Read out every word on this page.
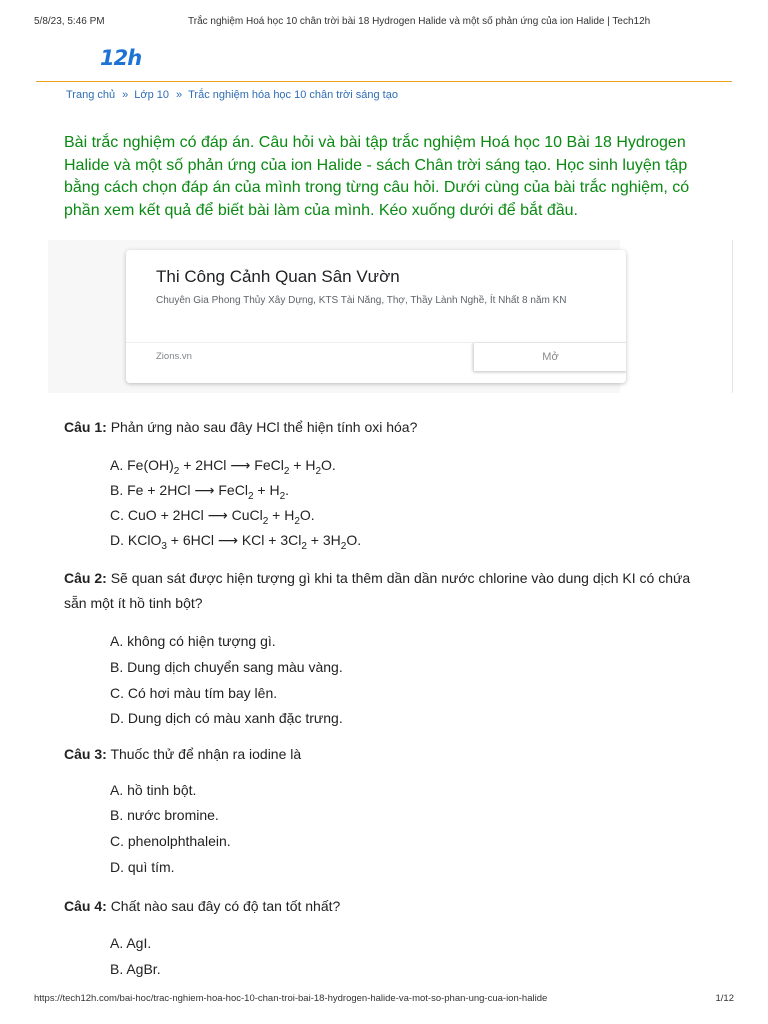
5/8/23, 5:46 PM	Trắc nghiệm Hoá học 10 chân trời bài 18 Hydrogen Halide và một số phản ứng của ion Halide | Tech12h
12h
Trang chủ » Lớp 10 » Trắc nghiệm hóa học 10 chân trời sáng tạo
Bài trắc nghiệm có đáp án. Câu hỏi và bài tập trắc nghiệm Hoá học 10 Bài 18 Hydrogen Halide và một số phản ứng của ion Halide - sách Chân trời sáng tạo. Học sinh luyện tập bằng cách chọn đáp án của mình trong từng câu hỏi. Dưới cùng của bài trắc nghiệm, có phần xem kết quả để biết bài làm của mình. Kéo xuống dưới để bắt đầu.
Thi Công Cảnh Quan Sân Vườn
Chuyên Gia Phong Thủy Xây Dựng, KTS Tài Năng, Thợ, Thầy Lành Nghề, Ít Nhất 8 năm KN
Zions.vn	Mở
Câu 1: Phản ứng nào sau đây HCl thể hiện tính oxi hóa?
A. $Fe(OH)_2 + 2HCl$ ⟶ FeCl$_2$ + $H_2O$.
B. Fe + 2HCl ⟶ FeCl$_2$ + $H_2$.
C. CuO + 2HCl ⟶ CuCl$_2$ + $H_2O$.
D. KClO$_3$ + 6HCl ⟶ KCl + $3Cl_2 + 3H_2O$.
Câu 2: Sẽ quan sát được hiện tượng gì khi ta thêm dần dần nước chlorine vào dung dịch KI có chứa sẵn một ít hồ tinh bột?
A. không có hiện tượng gì.
B. Dung dịch chuyển sang màu vàng.
C. Có hơi màu tím bay lên.
D. Dung dịch có màu xanh đặc trưng.
Câu 3: Thuốc thử để nhận ra iodine là
A. hồ tinh bột.
B. nước bromine.
C. phenolphthalein.
D. quì tím.
Câu 4: Chất nào sau đây có độ tan tốt nhất?
A. AgI.
B. AgBr.
https://tech12h.com/bai-hoc/trac-nghiem-hoa-hoc-10-chan-troi-bai-18-hydrogen-halide-va-mot-so-phan-ung-cua-ion-halide	1/12
